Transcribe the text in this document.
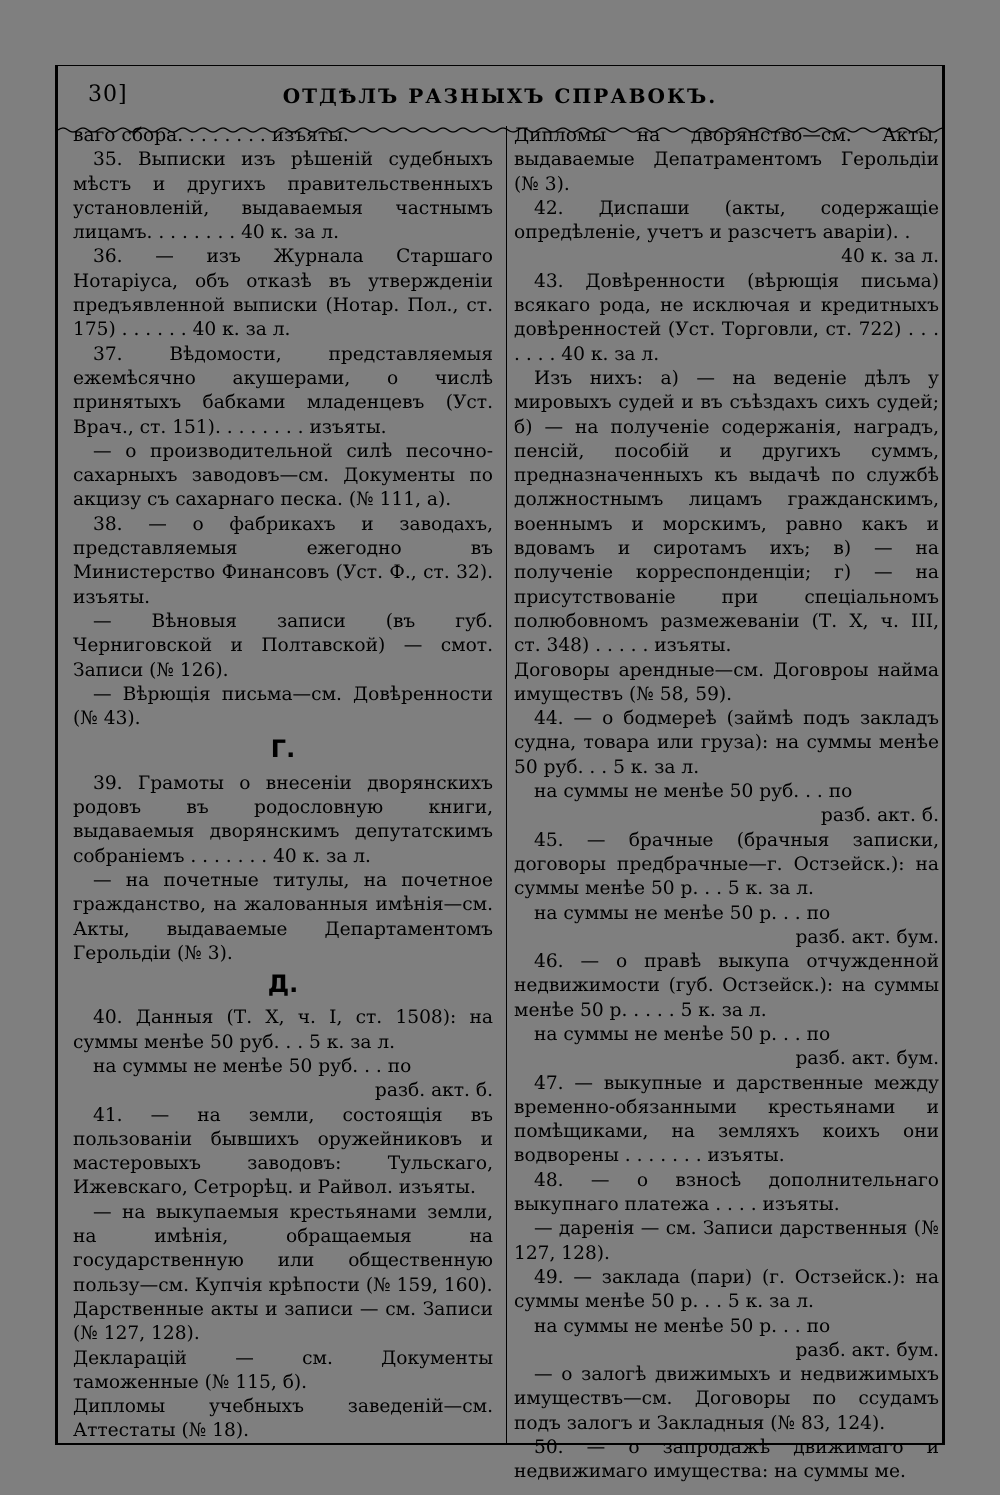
30]	ОТДѢЛЪ РАЗНЫХЪ СПРАВОКЪ.

ваго сбора. . . . . . . . изъяты.

35. Выписки изъ рѣшеній судебныхъ мѣстъ и другихъ правительственныхъ установленій, выдаваемыя частнымъ лицамъ. . . . . . . . 40 к. за л.

36. — изъ Журнала Старшаго Нотаріуса, объ отказѣ въ утвержденіи предъявленной выписки (Нотар. Пол., ст. 175) . . . . . . 40 к. за л.

37. Вѣдомости, представляемыя ежемѣсячно акушерами, о числѣ принятыхъ бабками младенцевъ (Уст. Врач., ст. 151). . . . . . . . изъяты.

— о производительной силѣ песочно-сахарныхъ заводовъ—см. Документы по акцизу съ сахарнаго песка. (№ 111, а).

38. — о фабрикахъ и заводахъ, представляемыя ежегодно въ Министерство Финансовъ (Уст. Ф., ст. 32). изъяты.

— Вѣновыя записи (въ губ. Черниговской и Полтавской) — смот. Записи (№ 126).

— Вѣрющія письма—см. Довѣренности (№ 43).

Г.

39. Грамоты о внесеніи дворянскихъ родовъ въ родословную книги, выдаваемыя дворянскимъ депутатскимъ собраніемъ . . . . . . . 40 к. за л.

— на почетные титулы, на почетное гражданство, на жалованныя имѣнія—см. Акты, выдаваемые Департаментомъ Герольдіи (№ 3).

Д.

40. Данныя (Т. X, ч. I, ст. 1508): на суммы менѣе 50 руб. . . 5 к. за л.

на суммы не менѣе 50 руб. . . по

разб. акт. б.

41. — на земли, состоящія въ пользованіи бывшихъ оружейниковъ и мастеровыхъ заводовъ: Тульскаго, Ижевскаго, Сетрорѣц. и Райвол. изъяты.

— на выкупаемыя крестьянами земли, на имѣнія, обращаемыя на государственную или общественную пользу—см. Купчія крѣпости (№ 159, 160).

Дарственные акты и записи — см. Записи (№ 127, 128).

Декларацій — см. Документы таможенные (№ 115, б).

Дипломы учебныхъ заведеній—см. Аттестаты (№ 18).

Дипломы на дворянство—см. Акты, выдаваемые Депатраментомъ Герольдіи (№ 3).

42. Диспаши (акты, содержащіе опредѣленіе, учетъ и разсчетъ аваріи). .

40 к. за л.

43. Довѣренности (вѣрющія письма) всякаго рода, не исключая и кредитныхъ довѣренностей (Уст. Торговли, ст. 722) . . . . . . . 40 к. за л.

Изъ нихъ: а) — на веденіе дѣлъ у мировыхъ судей и въ съѣздахъ сихъ судей; б) — на полученіе содержанія, наградъ, пенсій, пособій и другихъ суммъ, предназначенныхъ къ выдачѣ по службѣ должностнымъ лицамъ гражданскимъ, военнымъ и морскимъ, равно какъ и вдовамъ и сиротамъ ихъ; в) — на полученіе корреспонденціи; г) — на присутствованіе при спеціальномъ полюбовномъ размежеваніи (Т. X, ч. III, ст. 348) . . . . . изъяты.

Договоры арендные—см. Договроы найма имуществъ (№ 58, 59).

44. — о бодмереѣ (займѣ подъ закладъ судна, товара или груза): на суммы менѣе 50 руб. . . 5 к. за л.

на суммы не менѣе 50 руб. . . по

разб. акт. б.

45. — брачные (брачныя записки, договоры предбрачные—г. Остзейск.): на суммы менѣе 50 р. . . 5 к. за л.

на суммы не менѣе 50 р. . . по

разб. акт. бум.

46. — о правѣ выкупа отчужденной недвижимости (губ. Остзейск.): на суммы менѣе 50 р. . . . . 5 к. за л.

на суммы не менѣе 50 р. . . по

разб. акт. бум.

47. — выкупные и дарственные между временно-обязанными крестьянами и помѣщиками, на земляхъ коихъ они водворены . . . . . . . изъяты.

48. — о взносѣ дополнительнаго выкупнаго платежа . . . . изъяты.

— даренія — см. Записи дарственныя (№ 127, 128).

49. — заклада (пари) (г. Остзейск.): на суммы менѣе 50 р. . . 5 к. за л.

на суммы не менѣе 50 р. . . по

разб. акт. бум.

— о залогѣ движимыхъ и недвижимыхъ имуществъ—см. Договоры по ссудамъ подъ залогъ и Закладныя (№ 83, 124).

50. — о запродажѣ движимаго и недвижимаго имущества: на суммы ме.
